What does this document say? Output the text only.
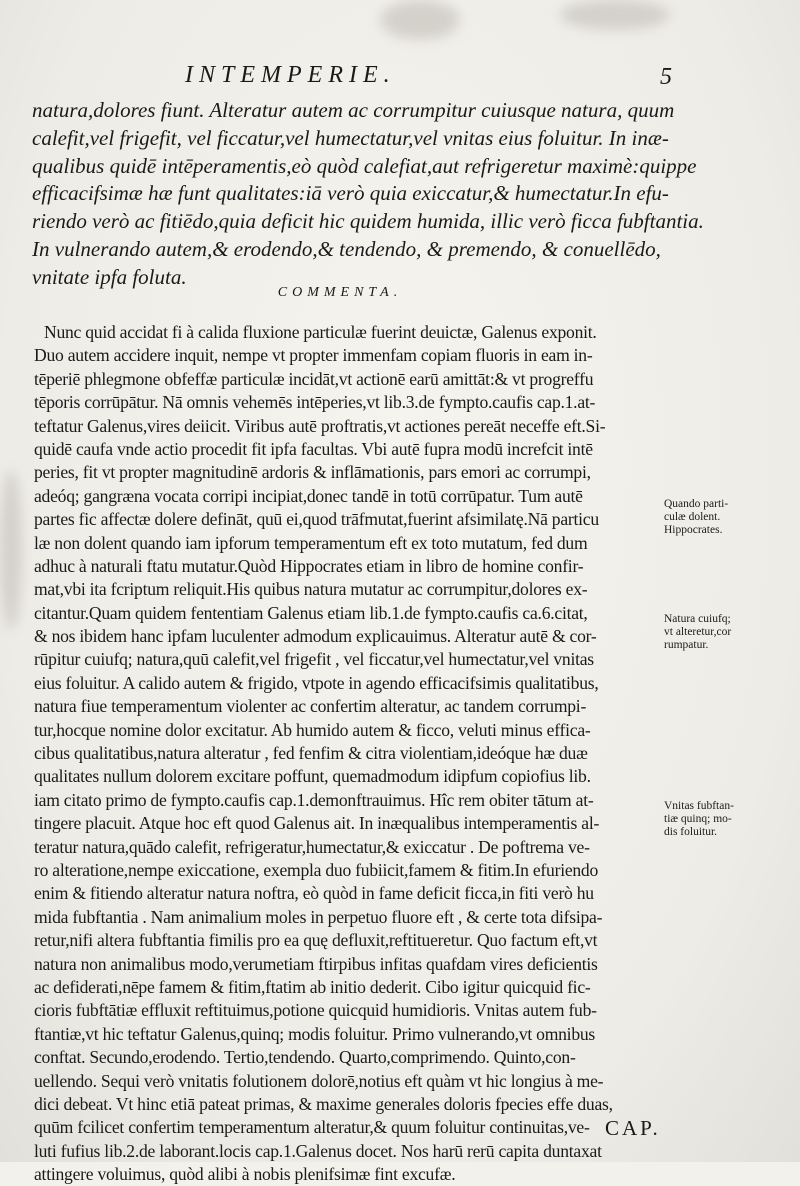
INTEMPERIE.	5
natura,dolores fiunt. Alteratur autem ac corrumpitur cuiusque natura, quum
calefit,vel frigefit, vel ficcatur,vel humectatur,vel vnitas eius foluitur. In inæ-
qualibus quidē intēperamentis,eò quòd calefiat,aut refrigeretur maximè:quippe
efficacifsimæ hæ funt qualitates:iā verò quia exiccatur,& humectatur.In efu-
riendo verò ac fitiēdo,quia deficit hic quidem humida, illic verò ficca fubftantia.
In vulnerando autem,& erodendo,& tendendo, & premendo, & conuellēdo,
vnitate ipfa foluta.
COMMENTA.
Nunc quid accidat fi à calida fluxione particulæ fuerint deuictæ, Galenus exponit.
Duo autem accidere inquit, nempe vt propter immenfam copiam fluoris in eam in-
tēperiē phlegmone obfeffæ particulæ incidāt,vt actionē earū amittāt:& vt progreffu
tēporis corrūpātur. Nā omnis vehemēs intēperies,vt lib.3.de fympto.caufis cap.1.at-
teftatur Galenus,vires deiicit. Viribus autē proftratis,vt actiones pereāt neceffe eft.Si-
quidē caufa vnde actio procedit fit ipfa facultas. Vbi autē fupra modū increfcit intē
peries, fit vt propter magnitudinē ardoris & inflāmationis, pars emori ac corrumpi,
adeóq; gangræna vocata corripi incipiat,donec tandē in totū corrūpatur. Tum autē
partes fic affectæ dolere defināt, quū ei,quod trāfmutat,fuerint afsimilatę.Nā particu
læ non dolent quando iam ipforum temperamentum eft ex toto mutatum, fed dum
adhuc à naturali ftatu mutatur.Quòd Hippocrates etiam in libro de homine confir-
mat,vbi ita fcriptum reliquit.His quibus natura mutatur ac corrumpitur,dolores ex-
citantur.Quam quidem fententiam Galenus etiam lib.1.de fympto.caufis ca.6.citat,
& nos ibidem hanc ipfam luculenter admodum explicauimus. Alteratur autē & cor-
rūpitur cuiufq; natura,quū calefit,vel frigefit , vel ficcatur,vel humectatur,vel vnitas
eius foluitur. A calido autem & frigido, vtpote in agendo efficacifsimis qualitatibus,
natura fiue temperamentum violenter ac confertim alteratur, ac tandem corrumpi-
tur,hocque nomine dolor excitatur. Ab humido autem & ficco, veluti minus effica-
cibus qualitatibus,natura alteratur , fed fenfim & citra violentiam,ideóque hæ duæ
qualitates nullum dolorem excitare poffunt, quemadmodum idipfum copiofius lib.
iam citato primo de fympto.caufis cap.1.demonftrauimus. Hîc rem obiter tātum at-
tingere placuit. Atque hoc eft quod Galenus ait. In inæqualibus intemperamentis al-
teratur natura,quādo calefit, refrigeratur,humectatur,& exiccatur . De poftrema ve-
ro alteratione,nempe exiccatione, exempla duo fubiicit,famem & fitim.In efuriendo
enim & fitiendo alteratur natura noftra, eò quòd in fame deficit ficca,in fiti verò hu
mida fubftantia . Nam animalium moles in perpetuo fluore eft , & certe tota difsipa-
retur,nifi altera fubftantia fimilis pro ea quę defluxit,reftitueretur. Quo factum eft,vt
natura non animalibus modo,verumetiam ftirpibus infitas quafdam vires deficientis
ac defiderati,nēpe famem & fitim,ftatim ab initio dederit. Cibo igitur quicquid fic-
cioris fubftātiæ effluxit reftituimus,potione quicquid humidioris. Vnitas autem fub-
ftantiæ,vt hic teftatur Galenus,quinq; modis foluitur. Primo vulnerando,vt omnibus
conftat. Secundo,erodendo. Tertio,tendendo. Quarto,comprimendo. Quinto,con-
uellendo. Sequi verò vnitatis folutionem dolorē,notius eft quàm vt hic longius à me-
dici debeat. Vt hinc etiā pateat primas, & maxime generales doloris fpecies effe duas,
quūm fcilicet confertim temperamentum alteratur,& quum foluitur continuitas,ve-
luti fufius lib.2.de laborant.locis cap.1.Galenus docet. Nos harū rerū capita duntaxat
attingere voluimus, quòd alibi à nobis plenifsimæ fint excufæ.
Quando parti-
culæ dolent.
Hippocrates.
Natura cuiufq;
vt alteretur,cor
rumpatur.
Vnitas fubftan-
tiæ quinq; mo-
dis foluitur.
CAP.
